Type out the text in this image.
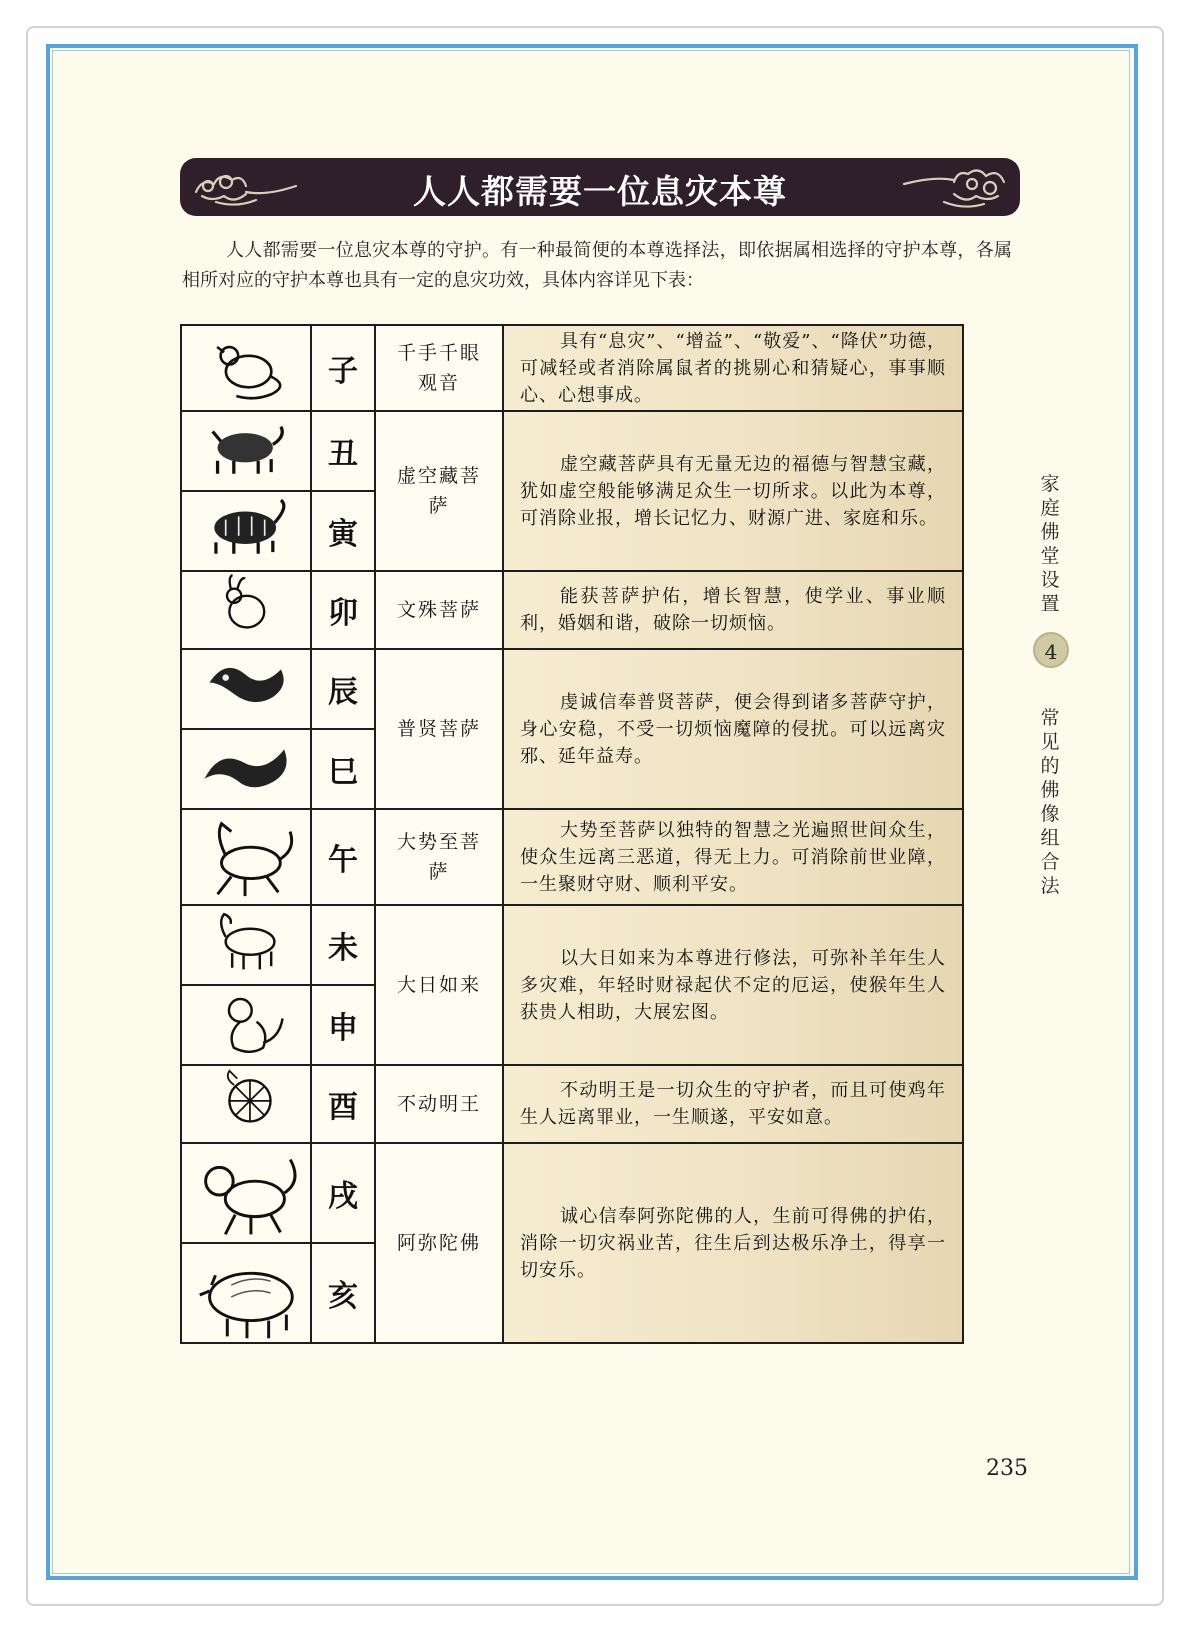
人人都需要一位息灾本尊
人人都需要一位息灾本尊的守护。有一种最简便的本尊选择法，即依据属相选择的守护本尊，各属相所对应的守护本尊也具有一定的息灾功效，具体内容详见下表：
子
千手千眼观音
具有“息灾”、“增益”、“敬爱”、“降伏”功德，可减轻或者消除属鼠者的挑剔心和猜疑心，事事顺心、心想事成。
丑
寅
虚空藏菩萨
虚空藏菩萨具有无量无边的福德与智慧宝藏，犹如虚空般能够满足众生一切所求。以此为本尊，可消除业报，增长记忆力、财源广进、家庭和乐。
卯	文殊菩萨
能获菩萨护佑，增长智慧，使学业、事业顺利，婚姻和谐，破除一切烦恼。
辰
巳
普贤菩萨
虔诚信奉普贤菩萨，便会得到诸多菩萨守护，身心安稳，不受一切烦恼魔障的侵扰。可以远离灾邪、延年益寿。
午
大势至菩萨
大势至菩萨以独特的智慧之光遍照世间众生，使众生远离三恶道，得无上力。可消除前世业障，一生聚财守财、顺利平安。
未
申
大日如来
以大日如来为本尊进行修法，可弥补羊年生人多灾难，年轻时财禄起伏不定的厄运，使猴年生人获贵人相助，大展宏图。
酉	不动明王
不动明王是一切众生的守护者，而且可使鸡年生人远离罪业，一生顺遂，平安如意。
戌
亥
阿弥陀佛
诚心信奉阿弥陀佛的人，生前可得佛的护佑，消除一切灾祸业苦，往生后到达极乐净土，得享一切安乐。
家
庭
佛
堂
设
置
4
常
见
的
佛
像
组
合
法
235
